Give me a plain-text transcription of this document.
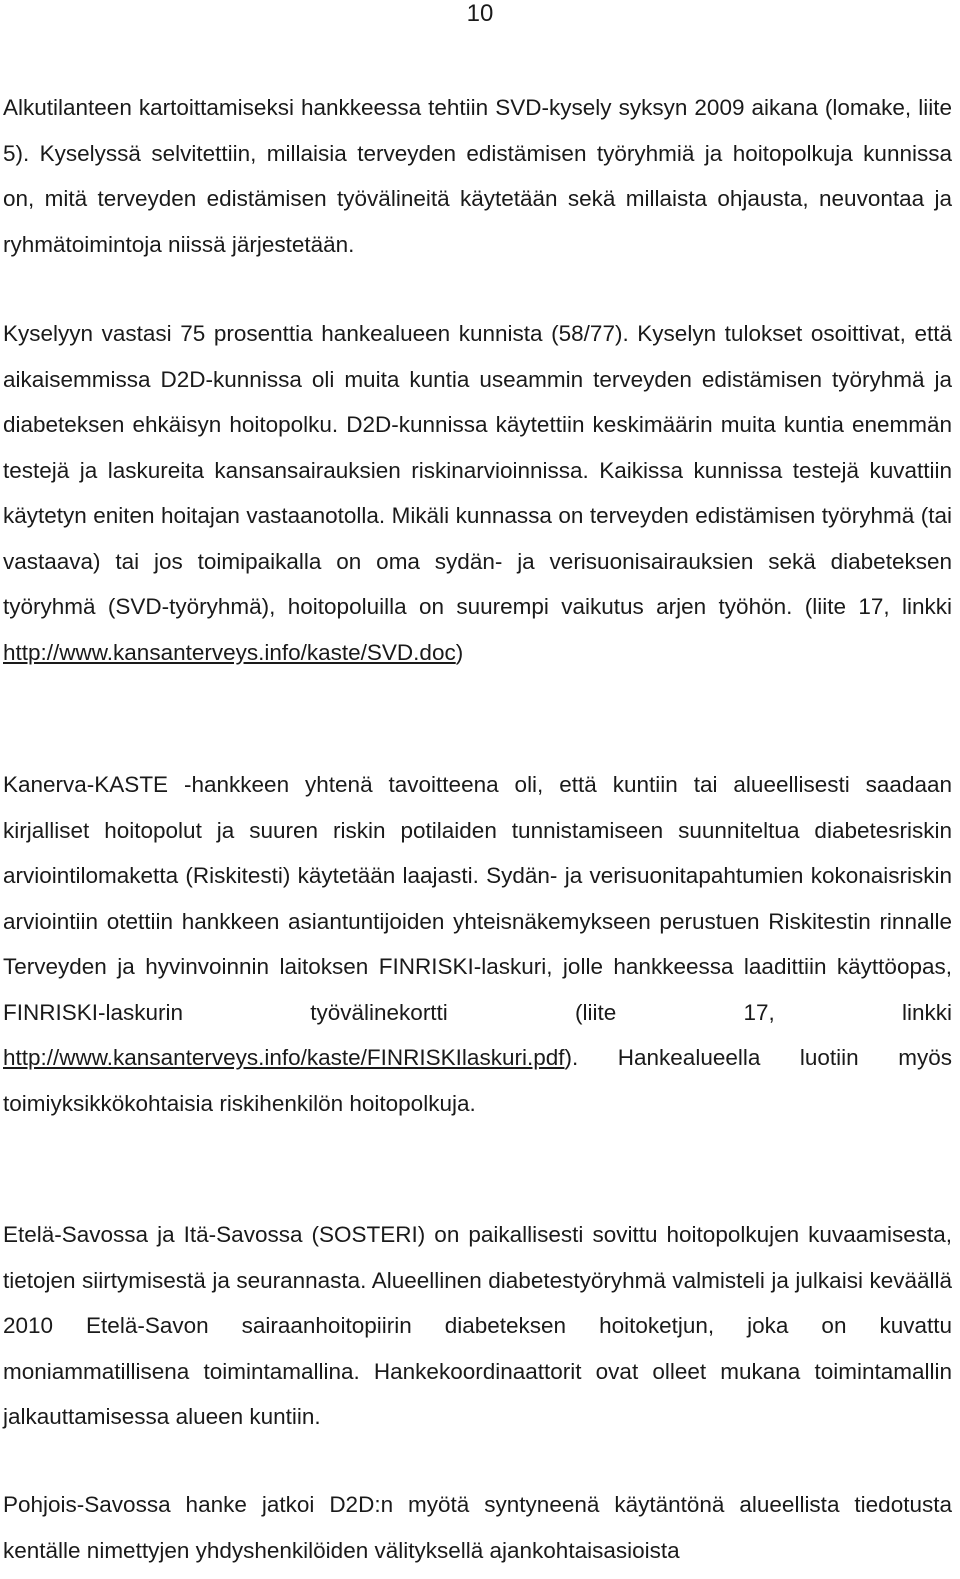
10

Alkutilanteen kartoittamiseksi hankkeessa tehtiin SVD-kysely syksyn 2009 aikana (lomake, liite 5). Kyselyssä selvitettiin, millaisia terveyden edistämisen työryhmiä ja hoitopolkuja kunnissa on, mitä terveyden edistämisen työvälineitä käytetään sekä millaista ohjausta, neuvontaa ja ryhmätoimintoja niissä järjestetään.

Kyselyyn vastasi 75 prosenttia hankealueen kunnista (58/77). Kyselyn tulokset osoittivat, että aikaisemmissa D2D-kunnissa oli muita kuntia useammin terveyden edistämisen työryhmä ja diabeteksen ehkäisyn hoitopolku. D2D-kunnissa käytettiin keskimäärin muita kuntia enemmän testejä ja laskureita kansansairauksien riskinarvioinnissa. Kaikissa kunnissa testejä kuvattiin käytetyn eniten hoitajan vastaanotolla. Mikäli kunnassa on terveyden edistämisen työryhmä (tai vastaava) tai jos toimipaikalla on oma sydän- ja verisuonisairauksien sekä diabeteksen työryhmä (SVD-työryhmä), hoitopoluilla on suurempi vaikutus arjen työhön. (liite 17, linkki http://www.kansanterveys.info/kaste/SVD.doc)

Kanerva-KASTE -hankkeen yhtenä tavoitteena oli, että kuntiin tai alueellisesti saadaan kirjalliset hoitopolut ja suuren riskin potilaiden tunnistamiseen suunniteltua diabetesriskin arviointilomaketta (Riskitesti) käytetään laajasti. Sydän- ja verisuonitapahtumien kokonaisriskin arviointiin otettiin hankkeen asiantuntijoiden yhteisnäkemykseen perustuen Riskitestin rinnalle Terveyden ja hyvinvoinnin laitoksen FINRISKI-laskuri, jolle hankkeessa laadittiin käyttöopas, FINRISKI-laskurin työvälinekortti (liite 17, linkki http://www.kansanterveys.info/kaste/FINRISKIlaskuri.pdf). Hankealueella luotiin myös toimiyksikkökohtaisia riskihenkilön hoitopolkuja.

Etelä-Savossa ja Itä-Savossa (SOSTERI) on paikallisesti sovittu hoitopolkujen kuvaamisesta, tietojen siirtymisestä ja seurannasta. Alueellinen diabetestyöryhmä valmisteli ja julkaisi keväällä 2010 Etelä-Savon sairaanhoitopiirin diabeteksen hoitoketjun, joka on kuvattu moniammatillisena toimintamallina. Hankekoordinaattorit ovat olleet mukana toimintamallin jalkauttamisessa alueen kuntiin.

Pohjois-Savossa hanke jatkoi D2D:n myötä syntyneenä käytäntönä alueellista tiedotusta kentälle nimettyjen yhdyshenkilöiden välityksellä ajankohtaisasioista
